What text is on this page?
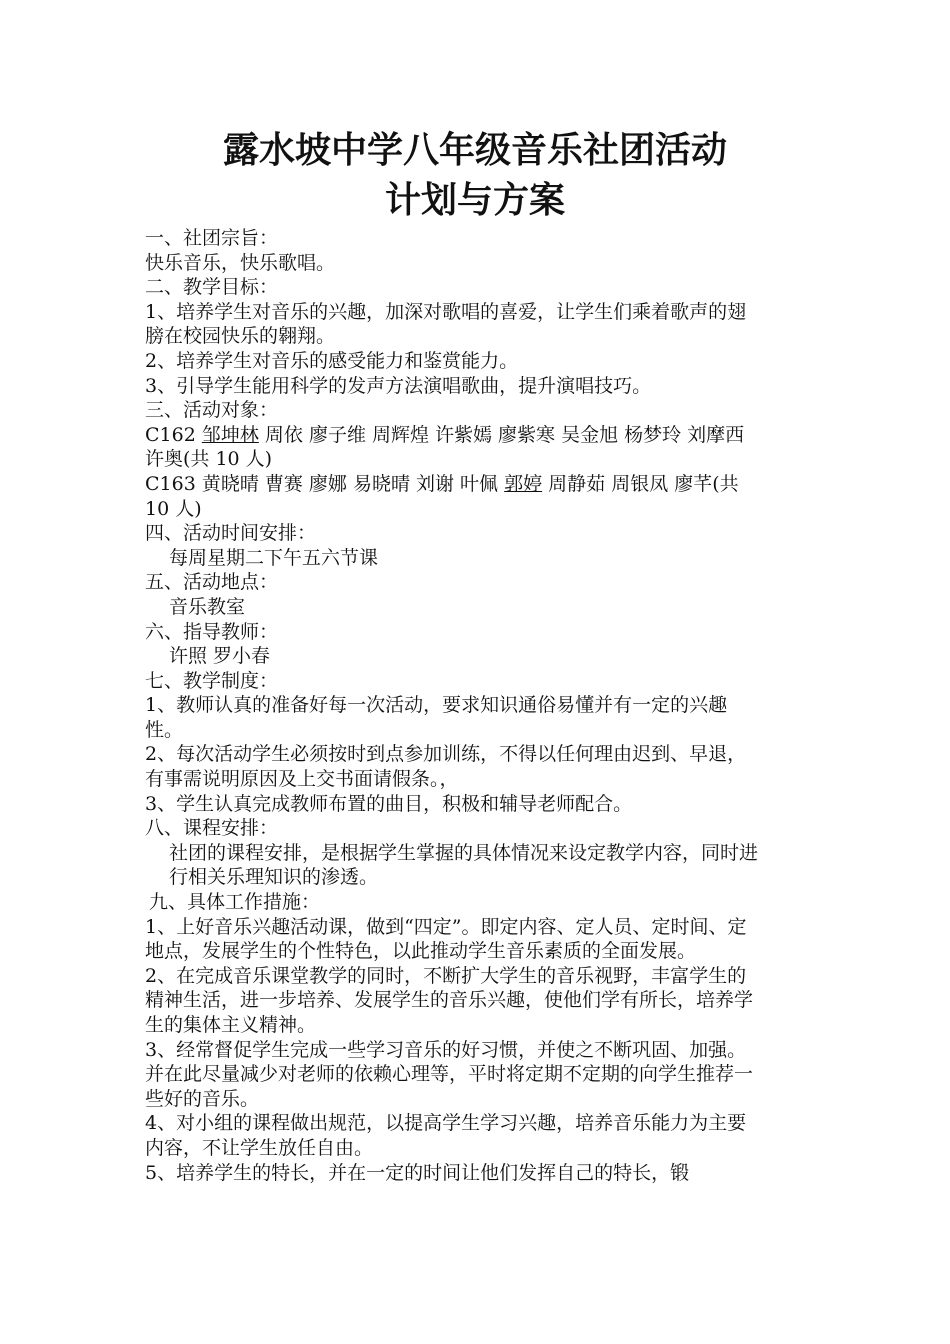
露水坡中学八年级音乐社团活动
计划与方案

一、社团宗旨：

快乐音乐，快乐歌唱。

二、教学目标：

1、培养学生对音乐的兴趣，加深对歌唱的喜爱，让学生们乘着歌声的翅膀在校园快乐的翱翔。

2、培养学生对音乐的感受能力和鉴赏能力。

3、引导学生能用科学的发声方法演唱歌曲，提升演唱技巧。

三、活动对象：

C162 邹坤林 周依 廖子维 周辉煌 许紫嫣 廖紫寒 吴金旭 杨梦玲 刘摩西 许奥(共 10 人)

C163 黄晓晴 曹赛 廖娜 易晓晴 刘谢 叶佩 郭婷 周静茹 周银凤 廖芊(共 10 人)

四、活动时间安排：

每周星期二下午五六节课

五、活动地点：

音乐教室

六、指导教师：

许照 罗小春

七、教学制度：

1、教师认真的准备好每一次活动，要求知识通俗易懂并有一定的兴趣性。

2、每次活动学生必须按时到点参加训练，不得以任何理由迟到、早退，有事需说明原因及上交书面请假条。，

3、学生认真完成教师布置的曲目，积极和辅导老师配合。

八、课程安排：

社团的课程安排，是根据学生掌握的具体情况来设定教学内容，同时进行相关乐理知识的渗透。

九、具体工作措施：

1、上好音乐兴趣活动课，做到“四定”。即定内容、定人员、定时间、定地点，发展学生的个性特色，以此推动学生音乐素质的全面发展。

2、在完成音乐课堂教学的同时，不断扩大学生的音乐视野，丰富学生的精神生活，进一步培养、发展学生的音乐兴趣，使他们学有所长，培养学生的集体主义精神。

3、经常督促学生完成一些学习音乐的好习惯，并使之不断巩固、加强。并在此尽量减少对老师的依赖心理等，平时将定期不定期的向学生推荐一些好的音乐。

4、对小组的课程做出规范，以提高学生学习兴趣，培养音乐能力为主要内容，不让学生放任自由。

5、培养学生的特长，并在一定的时间让他们发挥自己的特长，锻
